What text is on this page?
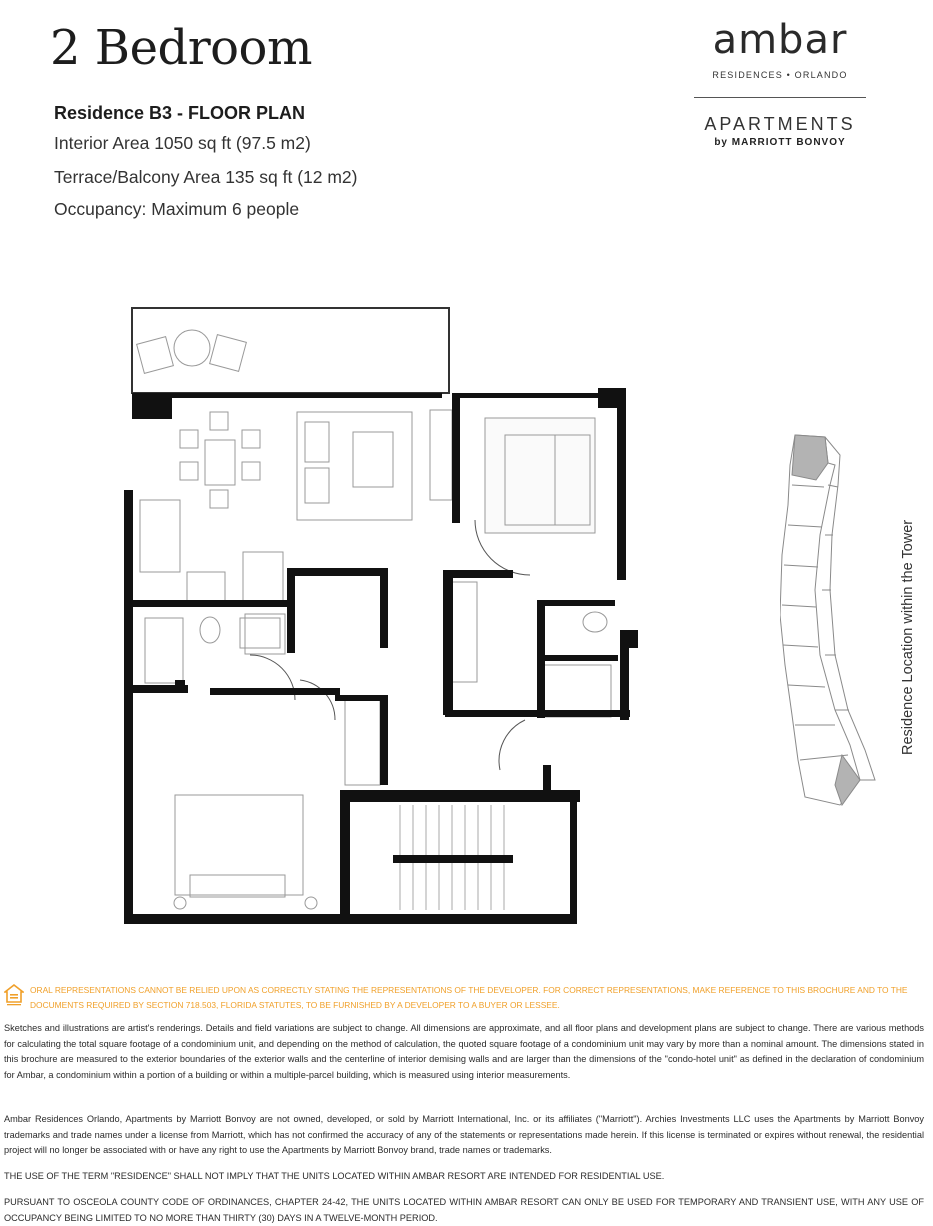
2 Bedroom
Residence B3 - FLOOR PLAN
Interior Area 1050 sq ft (97.5 m2)
Terrace/Balcony Area 135 sq ft (12 m2)
Occupancy: Maximum 6 people
ambar
RESIDENCES • ORLANDO
APARTMENTS
by MARRIOTT BONVOY
Residence Location within the Tower
ORAL REPRESENTATIONS CANNOT BE RELIED UPON AS CORRECTLY STATING THE REPRESENTATIONS OF THE DEVELOPER. FOR CORRECT REPRESENTATIONS, MAKE REFERENCE TO THIS BROCHURE AND TO THE DOCUMENTS REQUIRED BY SECTION 718.503, FLORIDA STATUTES, TO BE FURNISHED BY A DEVELOPER TO A BUYER OR LESSEE.
Sketches and illustrations are artist's renderings. Details and field variations are subject to change. All dimensions are approximate, and all floor plans and development plans are subject to change. There are various methods for calculating the total square footage of a condominium unit, and depending on the method of calculation, the quoted square footage of a condominium unit may vary by more than a nominal amount. The dimensions stated in this brochure are measured to the exterior boundaries of the exterior walls and the centerline of interior demising walls and are larger than the dimensions of the "condo-hotel unit" as defined in the declaration of condominium for Ambar, a condominium within a portion of a building or within a multiple-parcel building, which is measured using interior measurements.
Ambar Residences Orlando, Apartments by Marriott Bonvoy are not owned, developed, or sold by Marriott International, Inc. or its affiliates ("Marriott"). Archies Investments LLC uses the Apartments by Marriott Bonvoy trademarks and trade names under a license from Marriott, which has not confirmed the accuracy of any of the statements or representations made herein. If this license is terminated or expires without renewal, the residential project will no longer be associated with or have any right to use the Apartments by Marriott Bonvoy brand, trade names or trademarks.
THE USE OF THE TERM "RESIDENCE" SHALL NOT IMPLY THAT THE UNITS LOCATED WITHIN AMBAR RESORT ARE INTENDED FOR RESIDENTIAL USE.
PURSUANT TO OSCEOLA COUNTY CODE OF ORDINANCES, CHAPTER 24-42, THE UNITS LOCATED WITHIN AMBAR RESORT CAN ONLY BE USED FOR TEMPORARY AND TRANSIENT USE, WITH ANY USE OF OCCUPANCY BEING LIMITED TO NO MORE THAN THIRTY (30) DAYS IN A TWELVE-MONTH PERIOD.
